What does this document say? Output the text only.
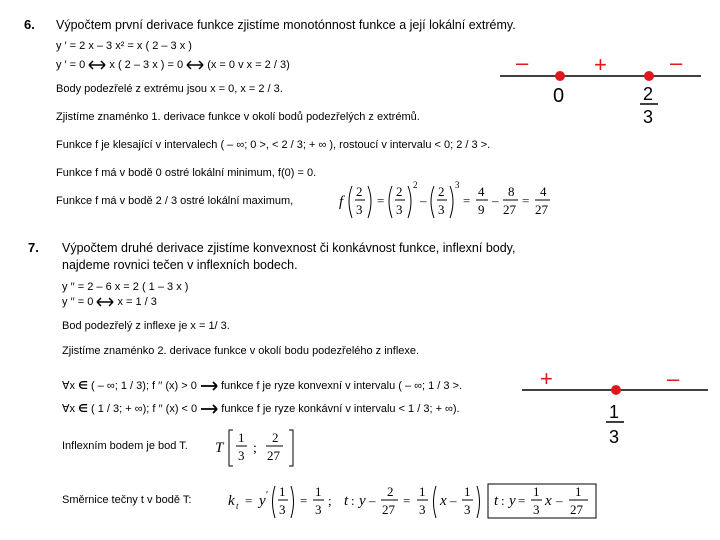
6. Výpočtem první derivace funkce zjistíme monotónnost funkce a její lokální extrémy.
y ′ = 2 x – 3 x² = x ( 2 – 3 x )
y ′ = 0 x ( 2 – 3 x ) = 0 (x = 0 v x = 2 / 3)
Body podezřelé z extrému jsou x = 0, x = 2 / 3.
Zjistíme znaménko 1. derivace funkce v okolí bodů podezřelých z extrémů.
Funkce f je klesající v intervalech ( – ∞; 0 >, < 2 / 3; + ∞ ), rostoucí v intervalu < 0; 2 / 3 >.
Funkce f má v bodě 0 ostré lokální minimum, f(0) = 0.
Funkce f má v bodě 2 / 3 ostré lokální maximum,	f
2
3
=
2
3
2
–
2
3
3
=
4
9
–
8
27
=
4
27
–	+	–
0	2
3
7. Výpočtem druhé derivace zjistíme konvexnost či konkávnost funkce, inflexní body,
najdeme rovnici tečen v inflexních bodech.
y ′′ = 2 – 6 x = 2 ( 1 – 3 x )
y ′′ = 0 x = 1 / 3
Bod podezřelý z inflexe je x = 1/ 3.
Zjistíme znaménko 2. derivace funkce v okolí bodu podezřelého z inflexe.
∀x ∈ ( – ∞; 1 / 3); f ′′ (x) > 0 funkce f je ryze konvexní v intervalu ( – ∞; 1 / 3 >.
∀x ∈ ( 1 / 3; + ∞); f ′′ (x) < 0 funkce f je ryze konkávní v intervalu < 1 / 3; + ∞).
Inflexním bodem je bod T. T
1
3 ;
2
27
Směrnice tečny t v bodě T: k t = y ′ 1
3
=
1
3
; t : y –
2
27
=
1
3
x –
1
3
t : y =
1
3
x –
1
27
+	–
1
3
